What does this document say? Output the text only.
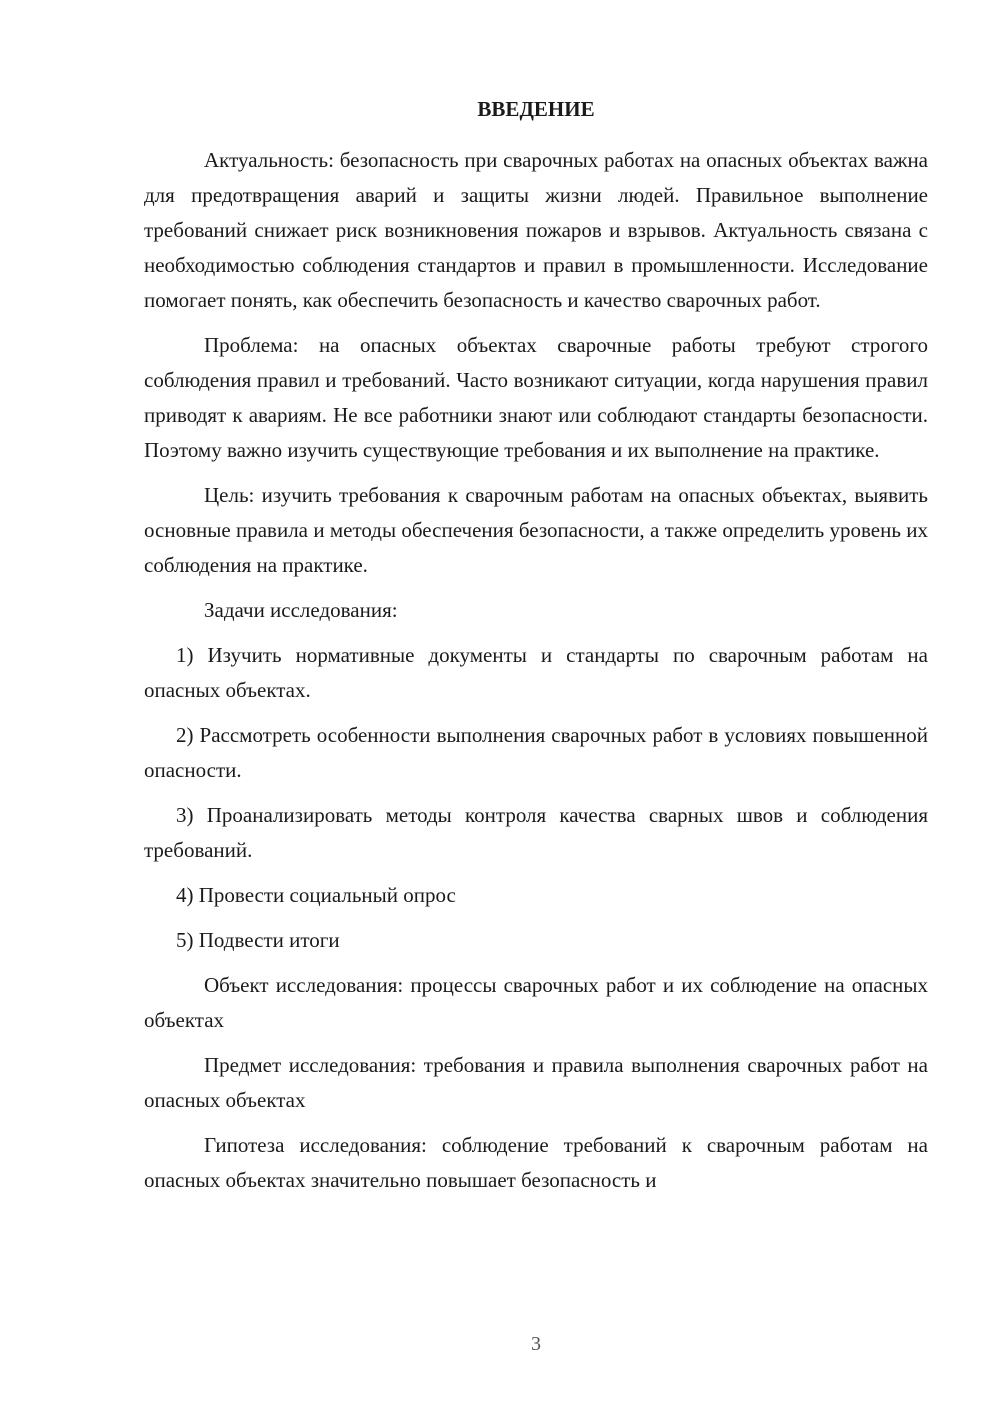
ВВЕДЕНИЕ

Актуальность: безопасность при сварочных работах на опасных объектах важна для предотвращения аварий и защиты жизни людей. Правильное выполнение требований снижает риск возникновения пожаров и взрывов. Актуальность связана с необходимостью соблюдения стандартов и правил в промышленности. Исследование помогает понять, как обеспечить безопасность и качество сварочных работ.

Проблема: на опасных объектах сварочные работы требуют строгого соблюдения правил и требований. Часто возникают ситуации, когда нарушения правил приводят к авариям. Не все работники знают или соблюдают стандарты безопасности. Поэтому важно изучить существующие требования и их выполнение на практике.

Цель: изучить требования к сварочным работам на опасных объектах, выявить основные правила и методы обеспечения безопасности, а также определить уровень их соблюдения на практике.

Задачи исследования:

1) Изучить нормативные документы и стандарты по сварочным работам на опасных объектах.

2) Рассмотреть особенности выполнения сварочных работ в условиях повышенной опасности.

3) Проанализировать методы контроля качества сварных швов и соблюдения требований.

4) Провести социальный опрос

5) Подвести итоги

Объект исследования: процессы сварочных работ и их соблюдение на опасных объектах

Предмет исследования: требования и правила выполнения сварочных работ на опасных объектах

Гипотеза исследования: соблюдение требований к сварочным работам на опасных объектах значительно повышает безопасность и

3
